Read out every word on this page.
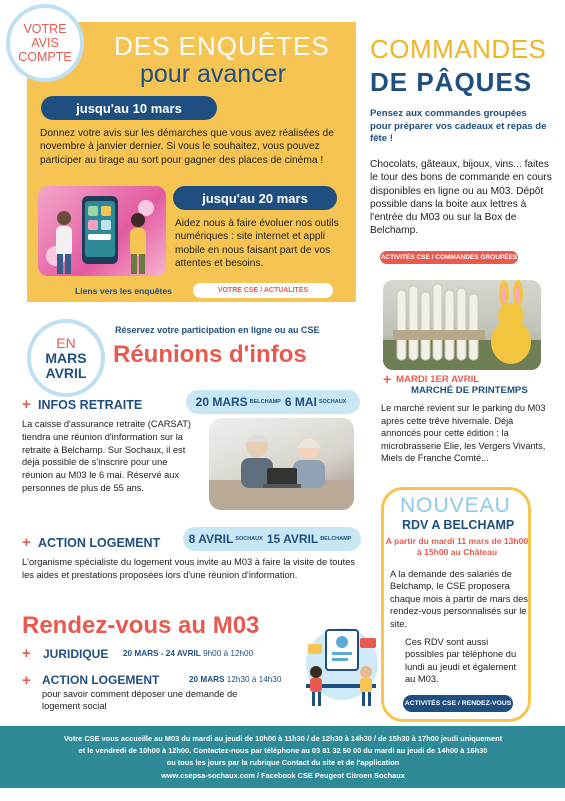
VOTRE
AVIS
COMPTE DES ENQUÊTES
pour avancer
jusqu'au 10 mars
Donnez votre avis sur les démarches que vous avez réalisées de novembre à janvier dernier. Si vous le souhaitez, vous pouvez participer au tirage au sort pour gagner des places de cinéma !
jusqu'au 20 mars
Aidez nous à faire évoluer nos outils numériques : site internet et appli mobile en nous faisant part de vos attentes et besoins.
Liens vers les enquêtes	VOTRE CSE / ACTUALITÉS
COMMANDES
DE PÂQUES
Pensez aux commandes groupées pour préparer vos cadeaux et repas de fête !
Chocolats, gâteaux, bijoux, vins... faites le tour des bons de commande en cours disponibles en ligne ou au M03. Dépôt possible dans la boite aux lettres à l'entrée du M03 ou sur la Box de Belchamp.
ACTIVITÉS CSE / COMMANDES GROUPÉES
+ MARDI 1ER AVRIL
MARCHÉ DE PRINTEMPS
Le marché revient sur le parking du M03 après cette trêve hivernale. Déjà annoncés pour cette édition : la microbrasserie Elie, les Vergers Vivants, Miels de Franche Comté...
NOUVEAU
RDV A BELCHAMP
A partir du mardi 11 mars de 13h00 à 15h00 au Château
A la demande des salariés de Belchamp, le CSE proposera chaque mois à partir de mars des rendez-vous personnalisés sur le site.
Ces RDV sont aussi possibles par téléphone du lundi au jeudi et également au M03.
ACTIVITÉS CSE / RENDEZ-VOUS
EN
MARS
AVRIL
Réservez votre participation en ligne ou au CSE
Réunions d'infos
20 MARS BELCHAMP 6 MAI SOCHAUX
+ INFOS RETRAITE
La caisse d'assurance retraite (CARSAT) tiendra une réunion d'information sur la retraite à Belchamp. Sur Sochaux, il est déjà possible de s'inscrire pour une réunion au M03 le 6 mai. Réservé aux personnes de plus de 55 ans.
8 AVRIL SOCHAUX 15 AVRIL BELCHAMP
+ ACTION LOGEMENT
L'organisme spécialiste du logement vous invite au M03 à faire la visite de toutes les aides et prestations proposées lors d'une réunion d'information.
Rendez-vous au M03
+ JURIDIQUE 20 MARS - 24 AVRIL 9h00 à 12h00
+ ACTION LOGEMENT	20 MARS 12h30 à 14h30
pour savoir comment déposer une demande de logement social
Votre CSE vous accueille au M03 du mardi au jeudi de 10h00 à 11h30 / de 12h30 à 14h30 / de 15h30 à 17h00 jeudi uniquement
et le vendredi de 10h00 à 12h00. Contactez-nous par téléphone au 03 81 32 50 00 du mardi au jeudi de 14h00 à 16h30
ou tous les jours par la rubrique Contact du site et de l'application
www.csepsa-sochaux.com / Facebook CSE Peugeot Citroen Sochaux
